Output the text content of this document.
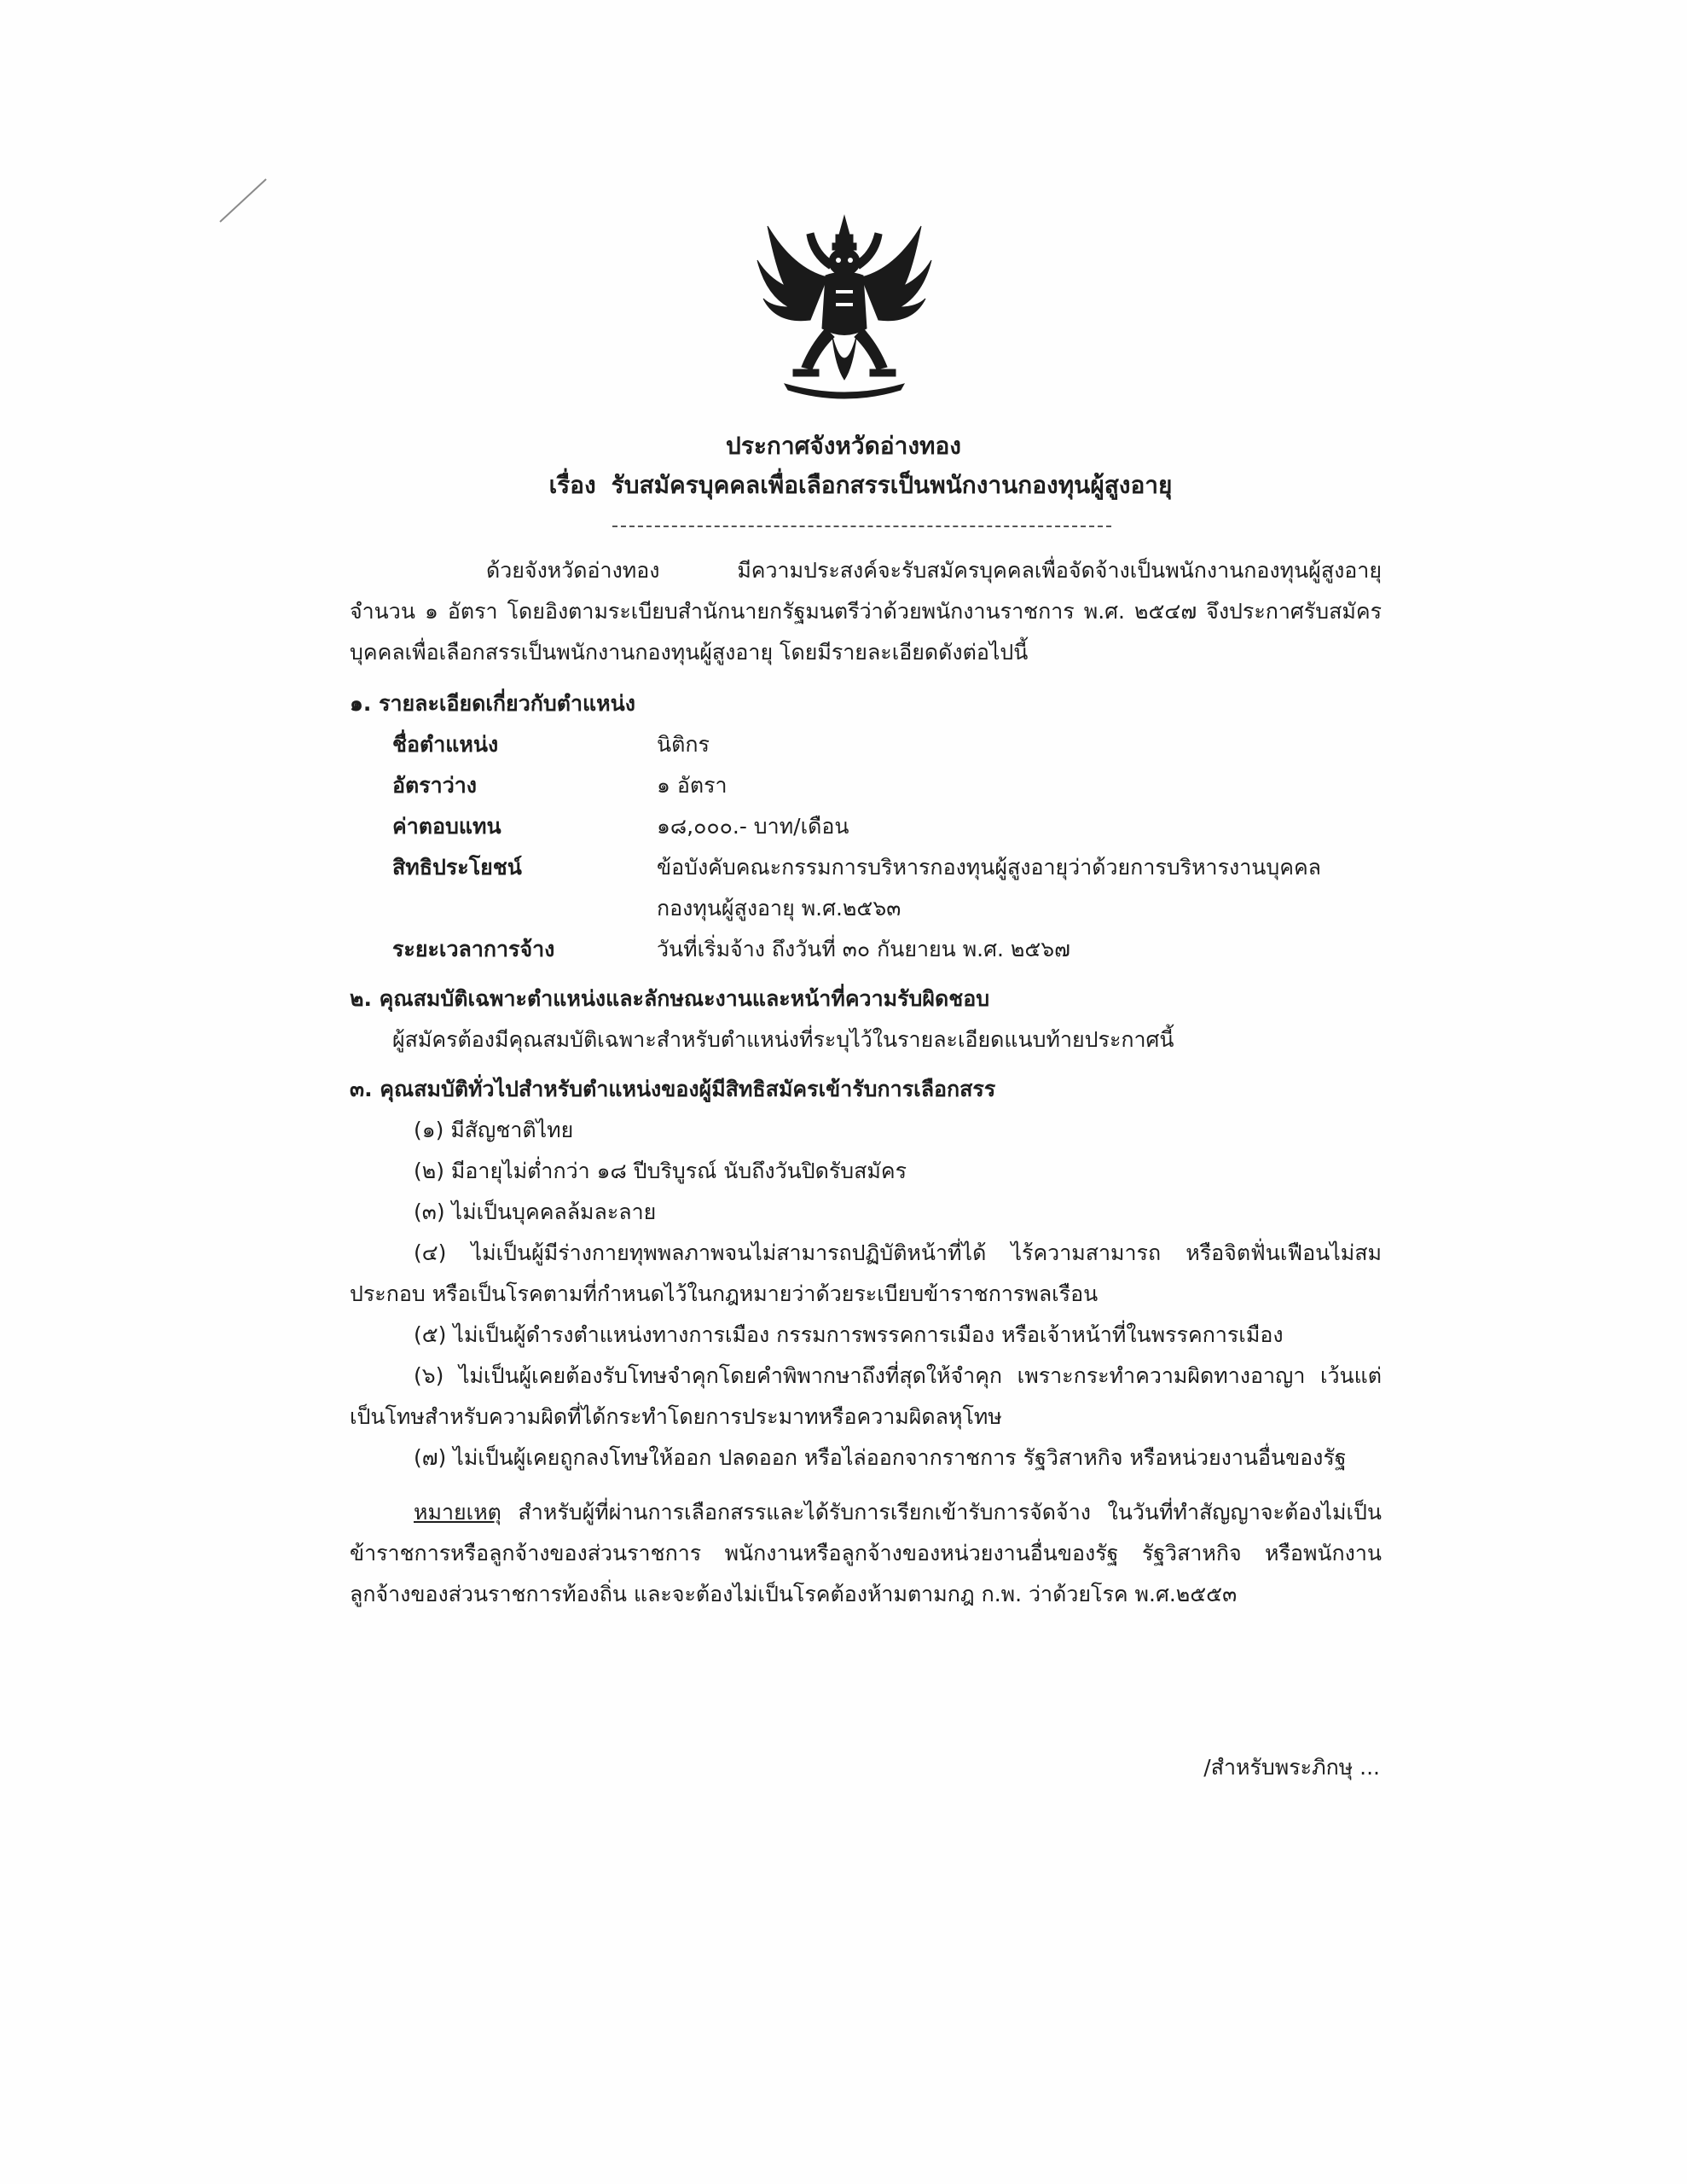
ประกาศจังหวัดอ่างทอง
เรื่อง รับสมัครบุคคลเพื่อเลือกสรรเป็นพนักงานกองทุนผู้สูงอายุ

ด้วยจังหวัดอ่างทอง มีความประสงค์จะรับสมัครบุคคลเพื่อจัดจ้างเป็นพนักงานกองทุนผู้สูงอายุ จำนวน ๑ อัตรา โดยอิงตามระเบียบสำนักนายกรัฐมนตรีว่าด้วยพนักงานราชการ พ.ศ. ๒๕๔๗ จึงประกาศรับสมัครบุคคลเพื่อเลือกสรรเป็นพนักงานกองทุนผู้สูงอายุ โดยมีรายละเอียดดังต่อไปนี้

๑. รายละเอียดเกี่ยวกับตำแหน่ง
ชื่อตำแหน่ง	นิติกร
อัตราว่าง	๑ อัตรา
ค่าตอบแทน	๑๘,๐๐๐.- บาท/เดือน
สิทธิประโยชน์	ข้อบังคับคณะกรรมการบริหารกองทุนผู้สูงอายุว่าด้วยการบริหารงานบุคคล กองทุนผู้สูงอายุ พ.ศ.๒๕๖๓
ระยะเวลาการจ้าง	วันที่เริ่มจ้าง ถึงวันที่ ๓๐ กันยายน พ.ศ. ๒๕๖๗
๒. คุณสมบัติเฉพาะตำแหน่งและลักษณะงานและหน้าที่ความรับผิดชอบ

ผู้สมัครต้องมีคุณสมบัติเฉพาะสำหรับตำแหน่งที่ระบุไว้ในรายละเอียดแนบท้ายประกาศนี้

๓. คุณสมบัติทั่วไปสำหรับตำแหน่งของผู้มีสิทธิสมัครเข้ารับการเลือกสรร

(๑) มีสัญชาติไทย

(๒) มีอายุไม่ต่ำกว่า ๑๘ ปีบริบูรณ์ นับถึงวันปิดรับสมัคร

(๓) ไม่เป็นบุคคลล้มละลาย

(๔) ไม่เป็นผู้มีร่างกายทุพพลภาพจนไม่สามารถปฏิบัติหน้าที่ได้ ไร้ความสามารถ หรือจิตฟั่นเฟือนไม่สมประกอบ หรือเป็นโรคตามที่กำหนดไว้ในกฎหมายว่าด้วยระเบียบข้าราชการพลเรือน

(๕) ไม่เป็นผู้ดำรงตำแหน่งทางการเมือง กรรมการพรรคการเมือง หรือเจ้าหน้าที่ในพรรคการเมือง

(๖) ไม่เป็นผู้เคยต้องรับโทษจำคุกโดยคำพิพากษาถึงที่สุดให้จำคุก เพราะกระทำความผิดทางอาญา เว้นแต่เป็นโทษสำหรับความผิดที่ได้กระทำโดยการประมาทหรือความผิดลหุโทษ

(๗) ไม่เป็นผู้เคยถูกลงโทษให้ออก ปลดออก หรือไล่ออกจากราชการ รัฐวิสาหกิจ หรือหน่วยงานอื่นของรัฐ

หมายเหตุ สำหรับผู้ที่ผ่านการเลือกสรรและได้รับการเรียกเข้ารับการจัดจ้าง ในวันที่ทำสัญญาจะต้องไม่เป็นข้าราชการหรือลูกจ้างของส่วนราชการ พนักงานหรือลูกจ้างของหน่วยงานอื่นของรัฐ รัฐวิสาหกิจ หรือพนักงานลูกจ้างของส่วนราชการท้องถิ่น และจะต้องไม่เป็นโรคต้องห้ามตามกฎ ก.พ. ว่าด้วยโรค พ.ศ.๒๕๕๓

/สำหรับพระภิกษุ ...
